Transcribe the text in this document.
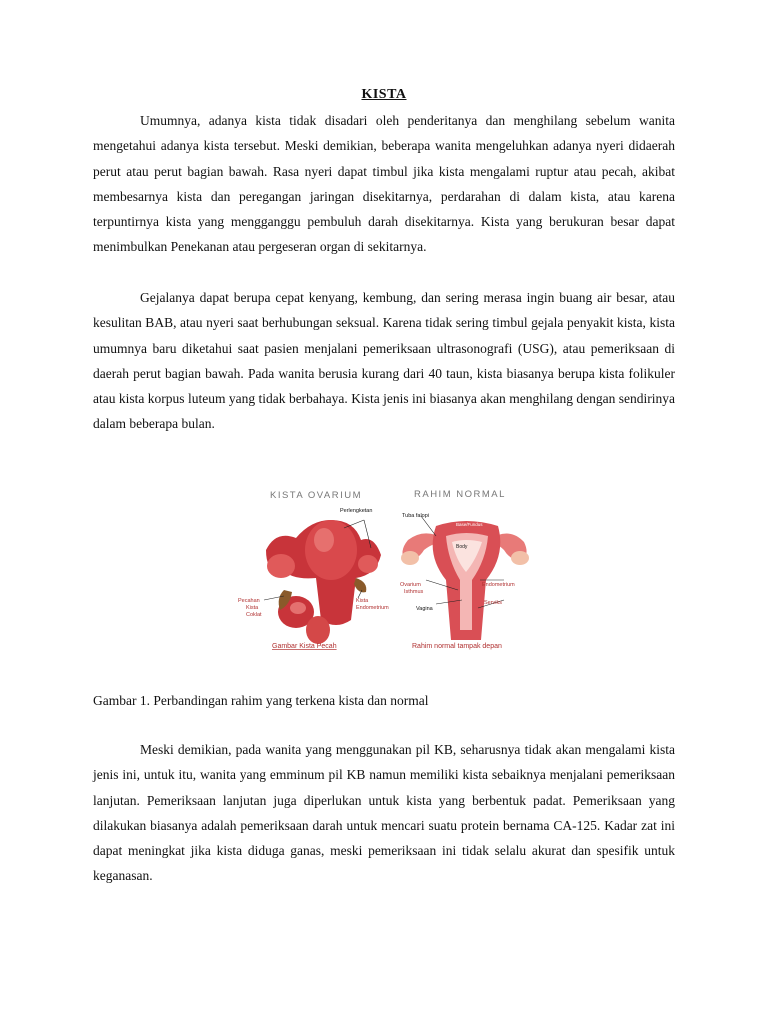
KISTA

Umumnya, adanya kista tidak disadari oleh penderitanya dan menghilang sebelum wanita mengetahui adanya kista tersebut. Meski demikian, beberapa wanita mengeluhkan adanya nyeri didaerah perut atau perut bagian bawah. Rasa nyeri dapat timbul jika kista mengalami ruptur atau pecah, akibat membesarnya kista dan peregangan jaringan disekitarnya, perdarahan di dalam kista, atau karena terpuntirnya kista yang mengganggu pembuluh darah disekitarnya. Kista yang berukuran besar dapat menimbulkan Penekanan atau pergeseran organ di sekitarnya.

Gejalanya dapat berupa cepat kenyang, kembung, dan sering merasa ingin buang air besar, atau kesulitan BAB, atau nyeri saat berhubungan seksual. Karena tidak sering timbul gejala penyakit kista, kista umumnya baru diketahui saat pasien menjalani pemeriksaan ultrasonografi (USG), atau pemeriksaan di daerah perut bagian bawah. Pada wanita berusia kurang dari 40 taun, kista biasanya berupa kista folikuler atau kista korpus luteum yang tidak berbahaya. Kista jenis ini biasanya akan menghilang dengan sendirinya dalam beberapa bulan.

KISTA OVARIUM	RAHIM NORMAL
Perlengketan
Pecahan
Kista
Coklat
Kista
Endometrium
Tuba falopi
Base/Fundus
Body
Ovarium
Isthmus
Vagina
Endometrium
Serviks
Gambar Kista Pecah	Rahim normal tampak depan

Gambar 1. Perbandingan rahim yang terkena kista dan normal

Meski demikian, pada wanita yang menggunakan pil KB, seharusnya tidak akan mengalami kista jenis ini, untuk itu, wanita yang emminum pil KB namun memiliki kista sebaiknya menjalani pemeriksaan lanjutan. Pemeriksaan lanjutan juga diperlukan untuk kista yang berbentuk padat. Pemeriksaan yang dilakukan biasanya adalah pemeriksaan darah untuk mencari suatu protein bernama CA-125. Kadar zat ini dapat meningkat jika kista diduga ganas, meski pemeriksaan ini tidak selalu akurat dan spesifik untuk keganasan.
